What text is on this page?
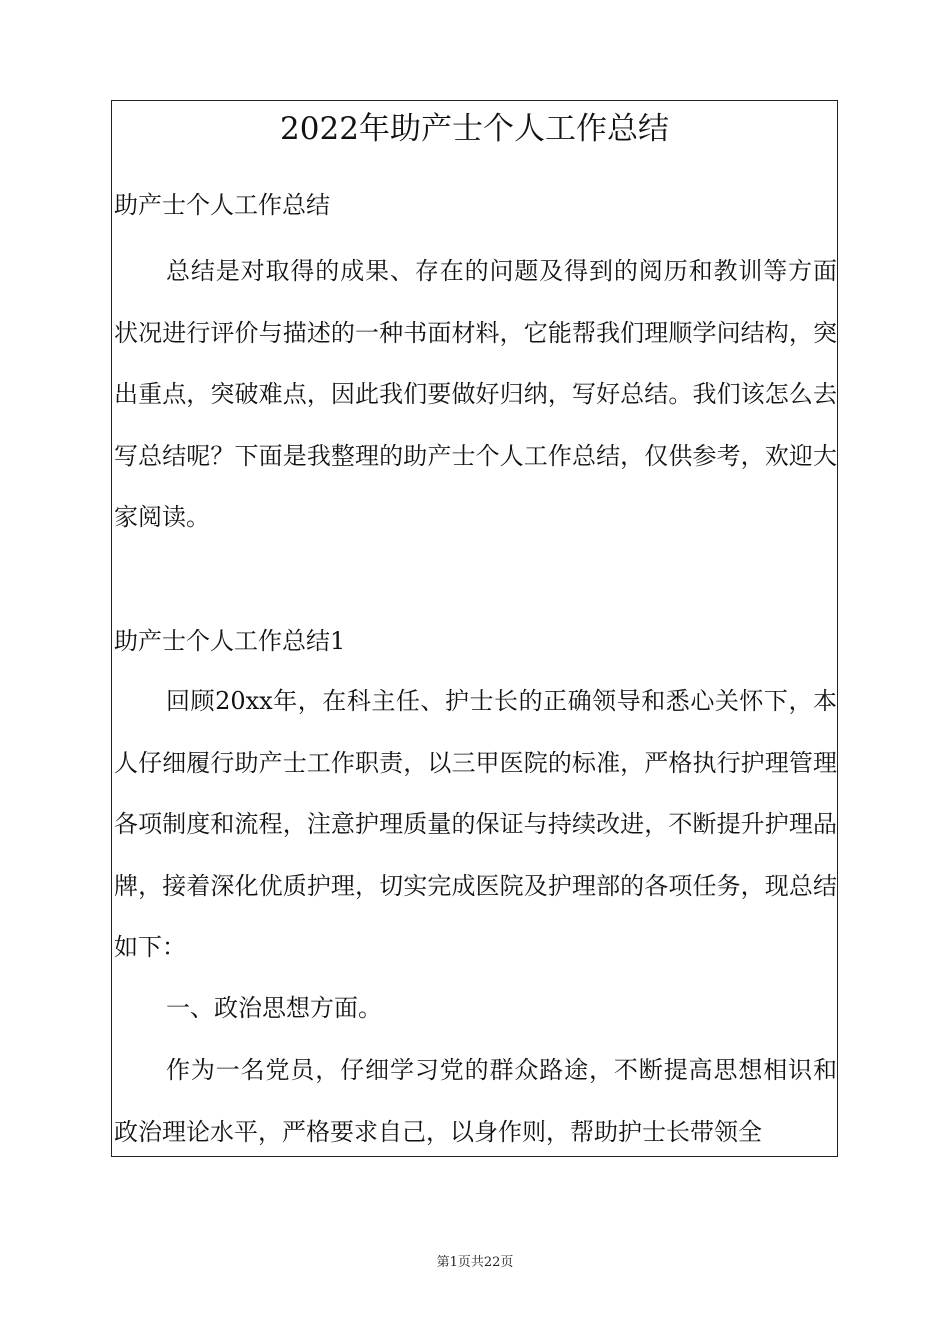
2022年助产士个人工作总结
助产士个人工作总结

总结是对取得的成果、存在的问题及得到的阅历和教训等方面状况进行评价与描述的一种书面材料，它能帮我们理顺学问结构，突出重点，突破难点，因此我们要做好归纳，写好总结。我们该怎么去写总结呢？下面是我整理的助产士个人工作总结，仅供参考，欢迎大家阅读。

助产士个人工作总结1

回顾20xx年，在科主任、护士长的正确领导和悉心关怀下，本人仔细履行助产士工作职责，以三甲医院的标准，严格执行护理管理各项制度和流程，注意护理质量的保证与持续改进，不断提升护理品牌，接着深化优质护理，切实完成医院及护理部的各项任务，现总结如下：

一、政治思想方面。

作为一名党员，仔细学习党的群众路途，不断提高思想相识和政治理论水平，严格要求自己，以身作则，帮助护士长带领全

第1页共22页
